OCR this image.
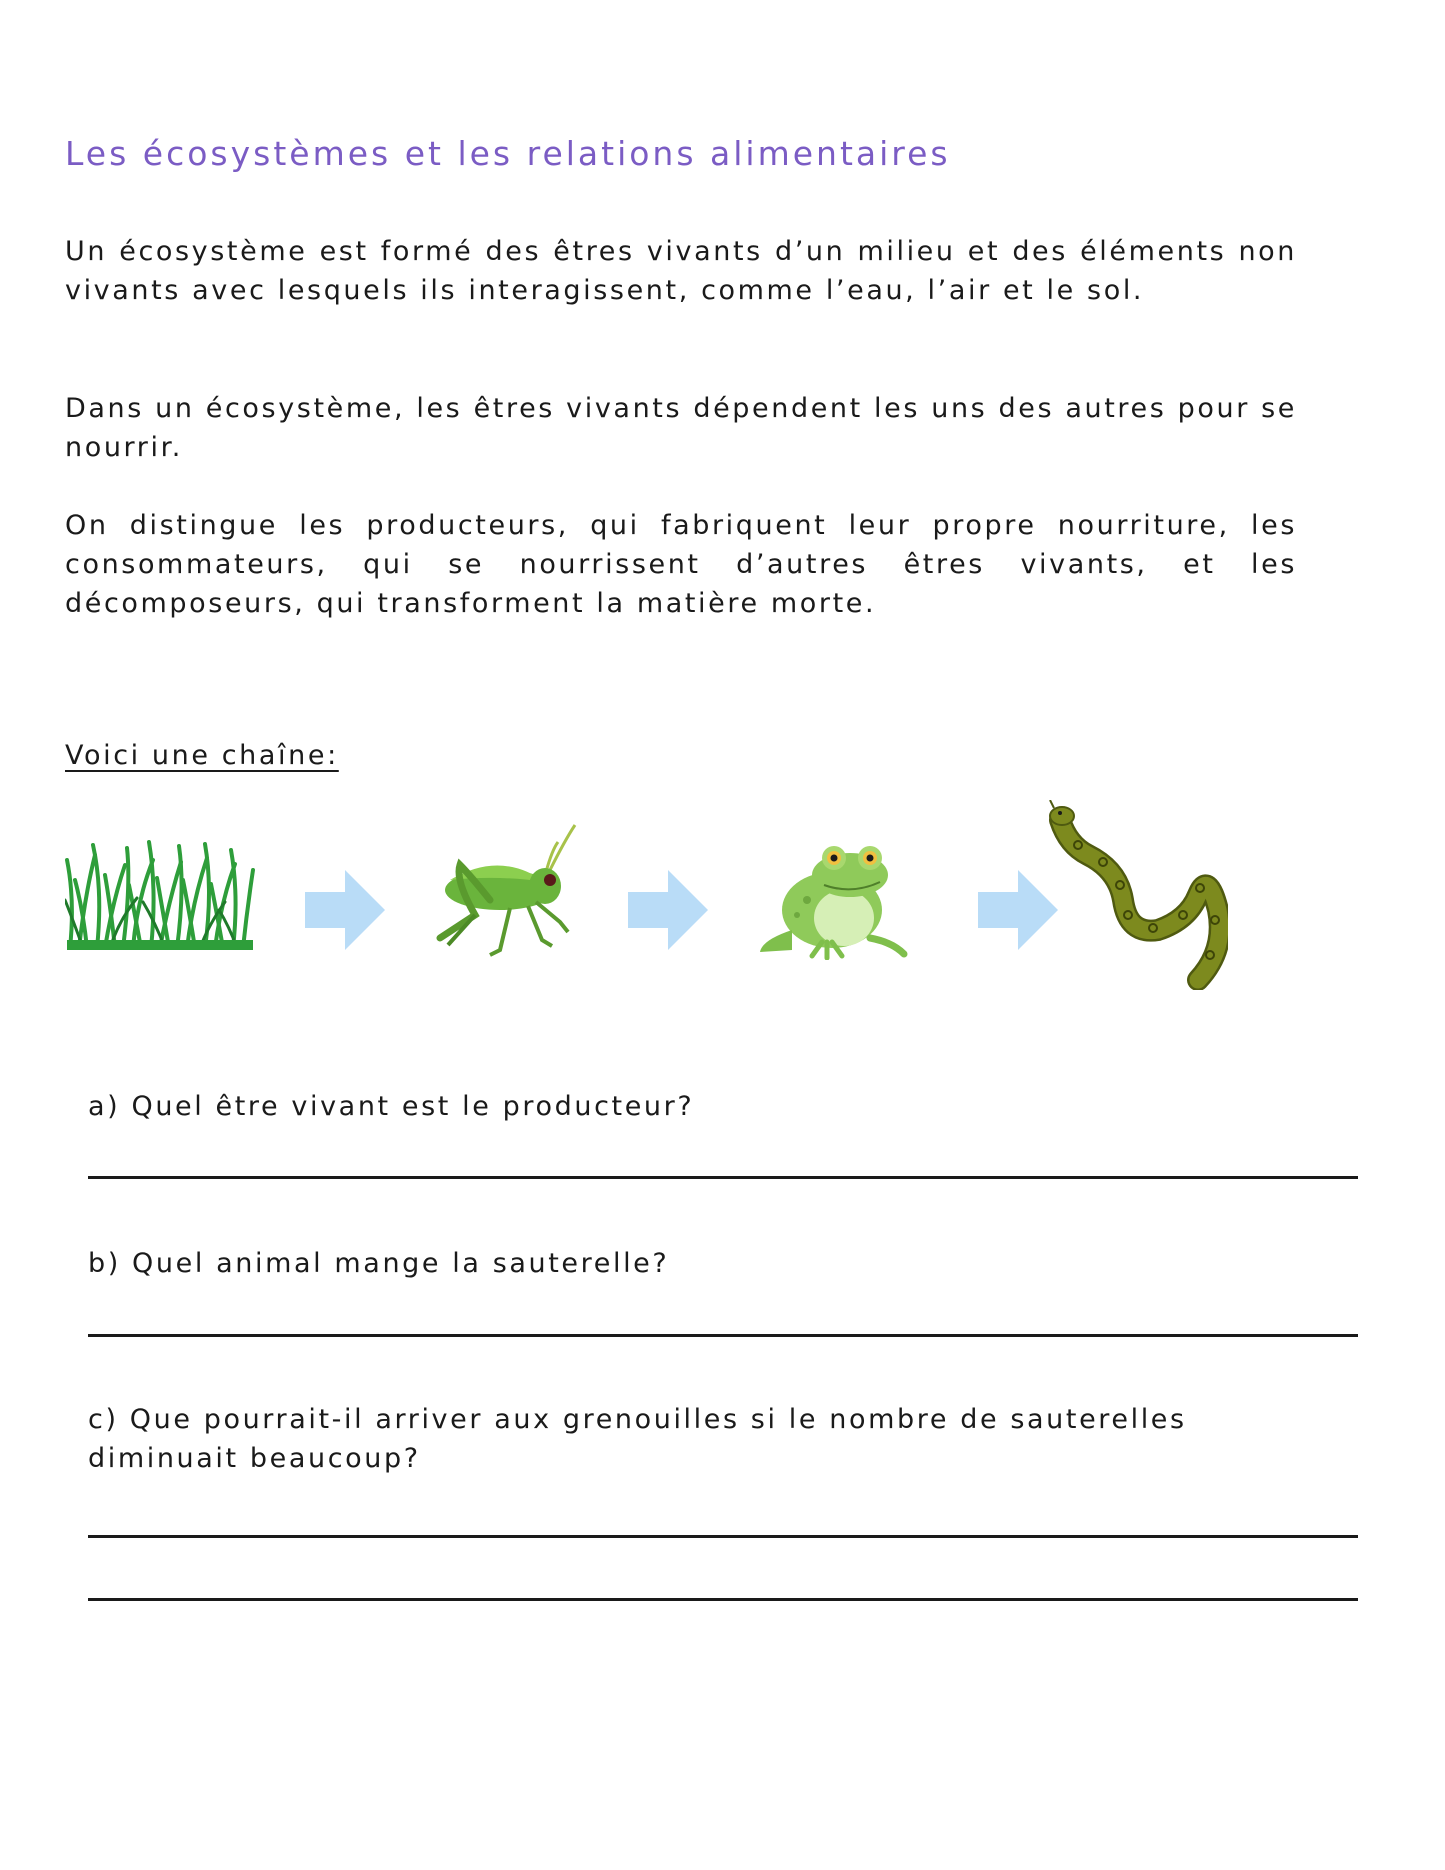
Les écosystèmes et les relations alimentaires

Un écosystème est formé des êtres vivants d’un milieu et des éléments non vivants avec lesquels ils interagissent, comme l’eau, l’air et le sol.

Dans un écosystème, les êtres vivants dépendent les uns des autres pour se nourrir.

On distingue les producteurs, qui fabriquent leur propre nourriture, les consommateurs, qui se nourrissent d’autres êtres vivants, et les décomposeurs, qui transforment la matière morte.

Voici une chaîne:

a) Quel être vivant est le producteur?

b) Quel animal mange la sauterelle?

c) Que pourrait-il arriver aux grenouilles si le nombre de sauterelles diminuait beaucoup?
